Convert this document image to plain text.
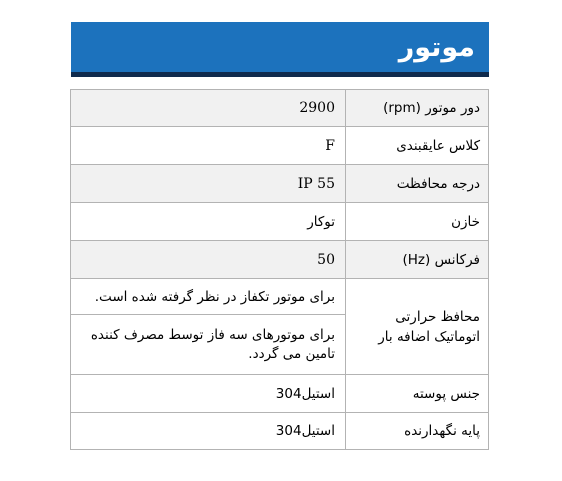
موتور
دور موتور (rpm)	2900
کلاس عایقبندی	F
درجه محافظت	IP 55
خازن	توکار
فرکانس (Hz)	50
محافظ حرارتی اتوماتیک اضافه بار	برای موتور تکفاز در نظر گرفته شده است.
	برای موتورهای سه فاز توسط مصرف کننده تامین می گردد.
جنس پوسته	استیل304
پایه نگهدارنده	استیل304
